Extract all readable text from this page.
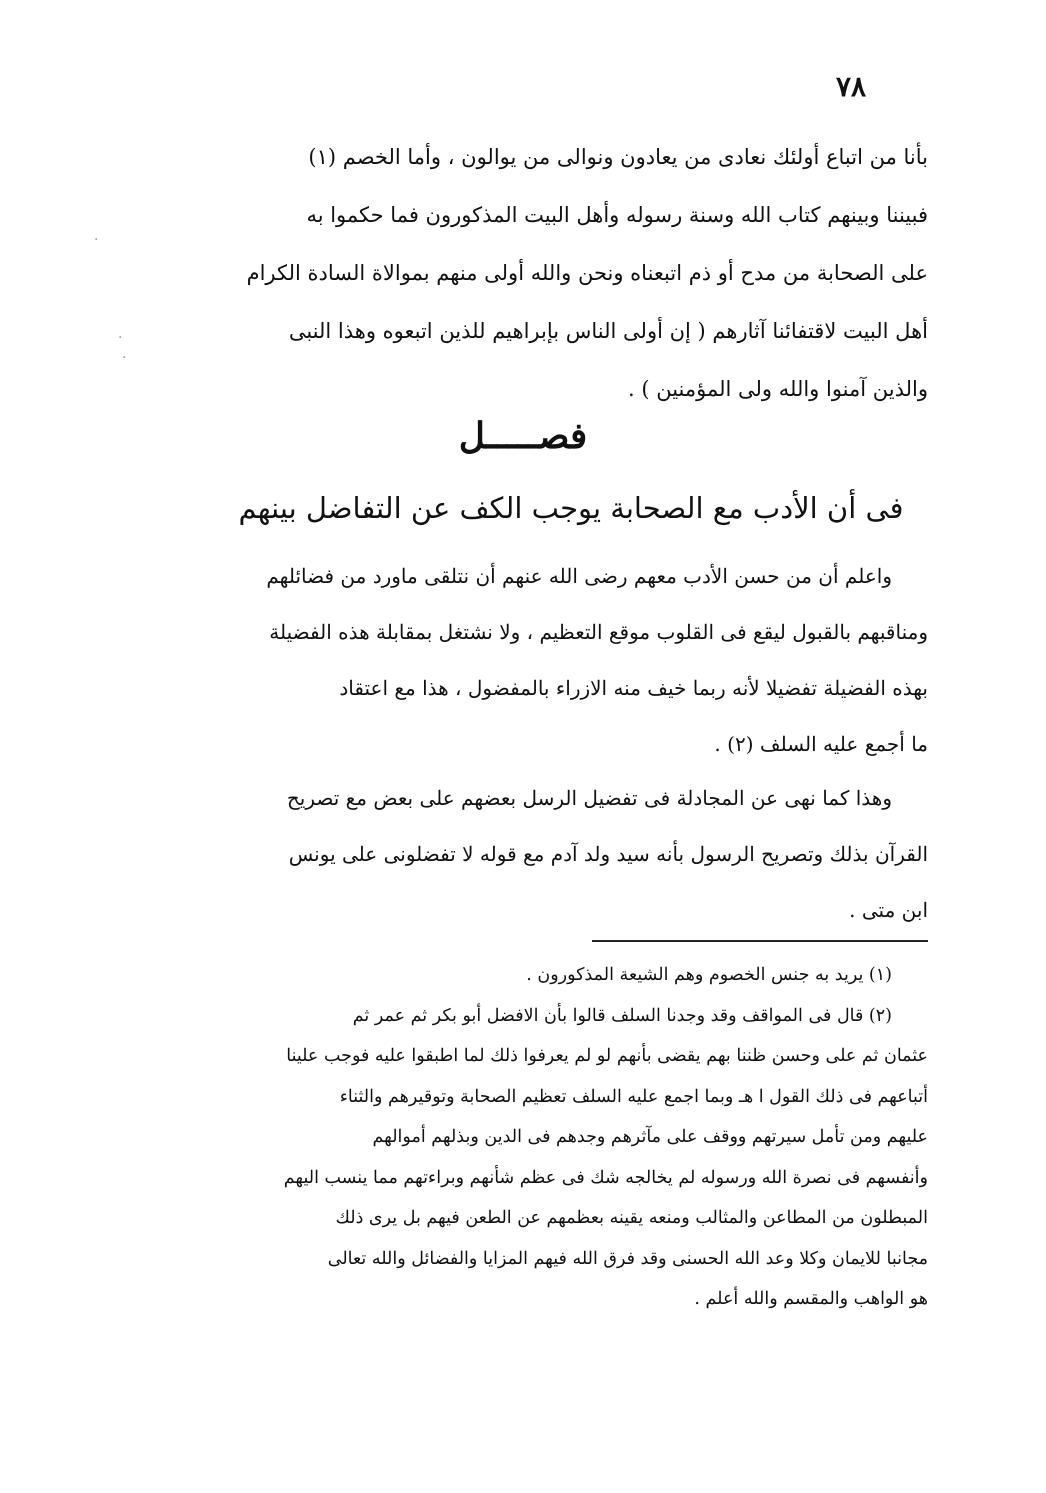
٧٨
بأنا من اتباع أولئك نعادى من يعادون ونوالى من يوالون ، وأما الخصم (١)
فبيننا وبينهم كتاب الله وسنة رسوله وأهل البيت المذكورون فما حكموا به
على الصحابة من مدح أو ذم اتبعناه ونحن والله أولى منهم بموالاة السادة الكرام
أهل البيت لاقتفائنا آثارهم ( إن أولى الناس بإبراهيم للذين اتبعوه وهذا النبى
والذين آمنوا والله ولى المؤمنين ) .
فصـــــل
فى أن الأدب مع الصحابة يوجب الكف عن التفاضل بينهم
واعلم أن من حسن الأدب معهم رضى الله عنهم أن نتلقى ماورد من فضائلهم
ومناقبهم بالقبول ليقع فى القلوب موقع التعظيم ، ولا نشتغل بمقابلة هذه الفضيلة
بهذه الفضيلة تفضيلا لأنه ربما خيف منه الازراء بالمفضول ، هذا مع اعتقاد
ما أجمع عليه السلف (٢) .
وهذا كما نهى عن المجادلة فى تفضيل الرسل بعضهم على بعض مع تصريح
القرآن بذلك وتصريح الرسول بأنه سيد ولد آدم مع قوله لا تفضلونى على يونس
ابن متى .
(١) يريد به جنس الخصوم وهم الشيعة المذكورون .
(٢) قال فى المواقف وقد وجدنا السلف قالوا بأن الافضل أبو بكر ثم عمر ثم
عثمان ثم على وحسن ظننا بهم يقضى بأنهم لو لم يعرفوا ذلك لما اطبقوا عليه فوجب علينا
أتباعهم فى ذلك القول ا هـ وبما اجمع عليه السلف تعظيم الصحابة وتوقيرهم والثناء
عليهم ومن تأمل سيرتهم ووقف على مآثرهم وجدهم فى الدين وبذلهم أموالهم
وأنفسهم فى نصرة الله ورسوله لم يخالجه شك فى عظم شأنهم وبراءتهم مما ينسب اليهم
المبطلون من المطاعن والمثالب ومنعه يقينه بعظمهم عن الطعن فيهم بل يرى ذلك
مجانبا للايمان وكلا وعد الله الحسنى وقد فرق الله فيهم المزايا والفضائل والله تعالى
هو الواهب والمقسم والله أعلم .
·
·
·
